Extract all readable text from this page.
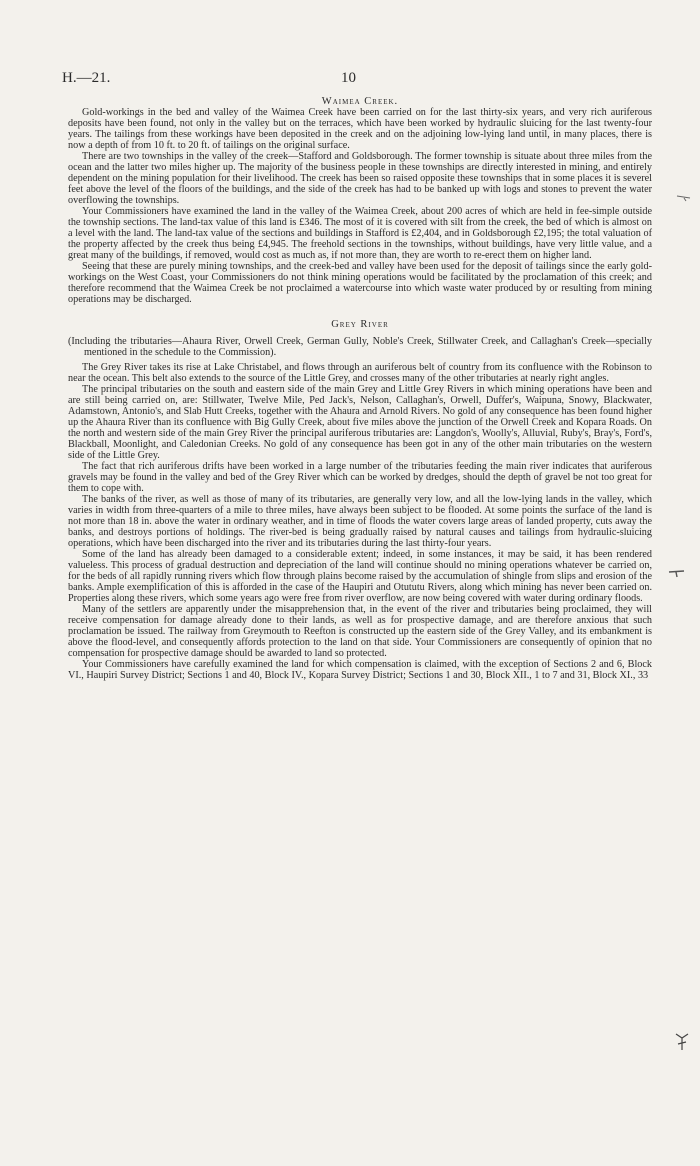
H.—21.	10

Waimea Creek.

Gold-workings in the bed and valley of the Waimea Creek have been carried on for the last thirty-six years, and very rich auriferous deposits have been found, not only in the valley but on the terraces, which have been worked by hydraulic sluicing for the last twenty-four years. The tailings from these workings have been deposited in the creek and on the adjoining low-lying land until, in many places, there is now a depth of from 10 ft. to 20 ft. of tailings on the original surface.

There are two townships in the valley of the creek—Stafford and Goldsborough. The former township is situate about three miles from the ocean and the latter two miles higher up. The majority of the business people in these townships are directly interested in mining, and entirely dependent on the mining population for their livelihood. The creek has been so raised opposite these townships that in some places it is severel feet above the level of the floors of the buildings, and the side of the creek has had to be banked up with logs and stones to prevent the water overflowing the townships.

Your Commissioners have examined the land in the valley of the Waimea Creek, about 200 acres of which are held in fee-simple outside the township sections. The land-tax value of this land is £346. The most of it is covered with silt from the creek, the bed of which is almost on a level with the land. The land-tax value of the sections and buildings in Stafford is £2,404, and in Goldsborough £2,195; the total valuation of the property affected by the creek thus being £4,945. The freehold sections in the townships, without buildings, have very little value, and a great many of the buildings, if removed, would cost as much as, if not more than, they are worth to re-erect them on higher land.

Seeing that these are purely mining townships, and the creek-bed and valley have been used for the deposit of tailings since the early gold-workings on the West Coast, your Commissioners do not think mining operations would be facilitated by the proclamation of this creek; and therefore recommend that the Waimea Creek be not proclaimed a watercourse into which waste water produced by or resulting from mining operations may be discharged.

Grey River

(Including the tributaries—Ahaura River, Orwell Creek, German Gully, Noble's Creek, Stillwater Creek, and Callaghan's Creek—specially mentioned in the schedule to the Commission).

The Grey River takes its rise at Lake Christabel, and flows through an auriferous belt of country from its confluence with the Robinson to near the ocean. This belt also extends to the source of the Little Grey, and crosses many of the other tributaries at nearly right angles.

The principal tributaries on the south and eastern side of the main Grey and Little Grey Rivers in which mining operations have been and are still being carried on, are: Stillwater, Twelve Mile, Ped Jack's, Nelson, Callaghan's, Orwell, Duffer's, Waipuna, Snowy, Blackwater, Adamstown, Antonio's, and Slab Hutt Creeks, together with the Ahaura and Arnold Rivers. No gold of any consequence has been found higher up the Ahaura River than its confluence with Big Gully Creek, about five miles above the junction of the Orwell Creek and Kopara Roads. On the north and western side of the main Grey River the principal auriferous tributaries are: Langdon's, Woolly's, Alluvial, Ruby's, Bray's, Ford's, Blackball, Moonlight, and Caledonian Creeks. No gold of any consequence has been got in any of the other main tributaries on the western side of the Little Grey.

The fact that rich auriferous drifts have been worked in a large number of the tributaries feeding the main river indicates that auriferous gravels may be found in the valley and bed of the Grey River which can be worked by dredges, should the depth of gravel be not too great for them to cope with.

The banks of the river, as well as those of many of its tributaries, are generally very low, and all the low-lying lands in the valley, which varies in width from three-quarters of a mile to three miles, have always been subject to be flooded. At some points the surface of the land is not more than 18 in. above the water in ordinary weather, and in time of floods the water covers large areas of landed property, cuts away the banks, and destroys portions of holdings. The river-bed is being gradually raised by natural causes and tailings from hydraulic-sluicing operations, which have been discharged into the river and its tributaries during the last thirty-four years.

Some of the land has already been damaged to a considerable extent; indeed, in some instances, it may be said, it has been rendered valueless. This process of gradual destruction and depreciation of the land will continue should no mining operations whatever be carried on, for the beds of all rapidly running rivers which flow through plains become raised by the accumulation of shingle from slips and erosion of the banks. Ample exemplification of this is afforded in the case of the Haupiri and Otututu Rivers, along which mining has never been carried on. Properties along these rivers, which some years ago were free from river overflow, are now being covered with water during ordinary floods.

Many of the settlers are apparently under the misapprehension that, in the event of the river and tributaries being proclaimed, they will receive compensation for damage already done to their lands, as well as for prospective damage, and are therefore anxious that such proclamation be issued. The railway from Greymouth to Reefton is constructed up the eastern side of the Grey Valley, and its embankment is above the flood-level, and consequently affords protection to the land on that side. Your Commissioners are consequently of opinion that no compensation for prospective damage should be awarded to land so protected.

Your Commissioners have carefully examined the land for which compensation is claimed, with the exception of Sections 2 and 6, Block VI., Haupiri Survey District; Sections 1 and 40, Block IV., Kopara Survey District; Sections 1 and 30, Block XII., 1 to 7 and 31, Block XI., 33
